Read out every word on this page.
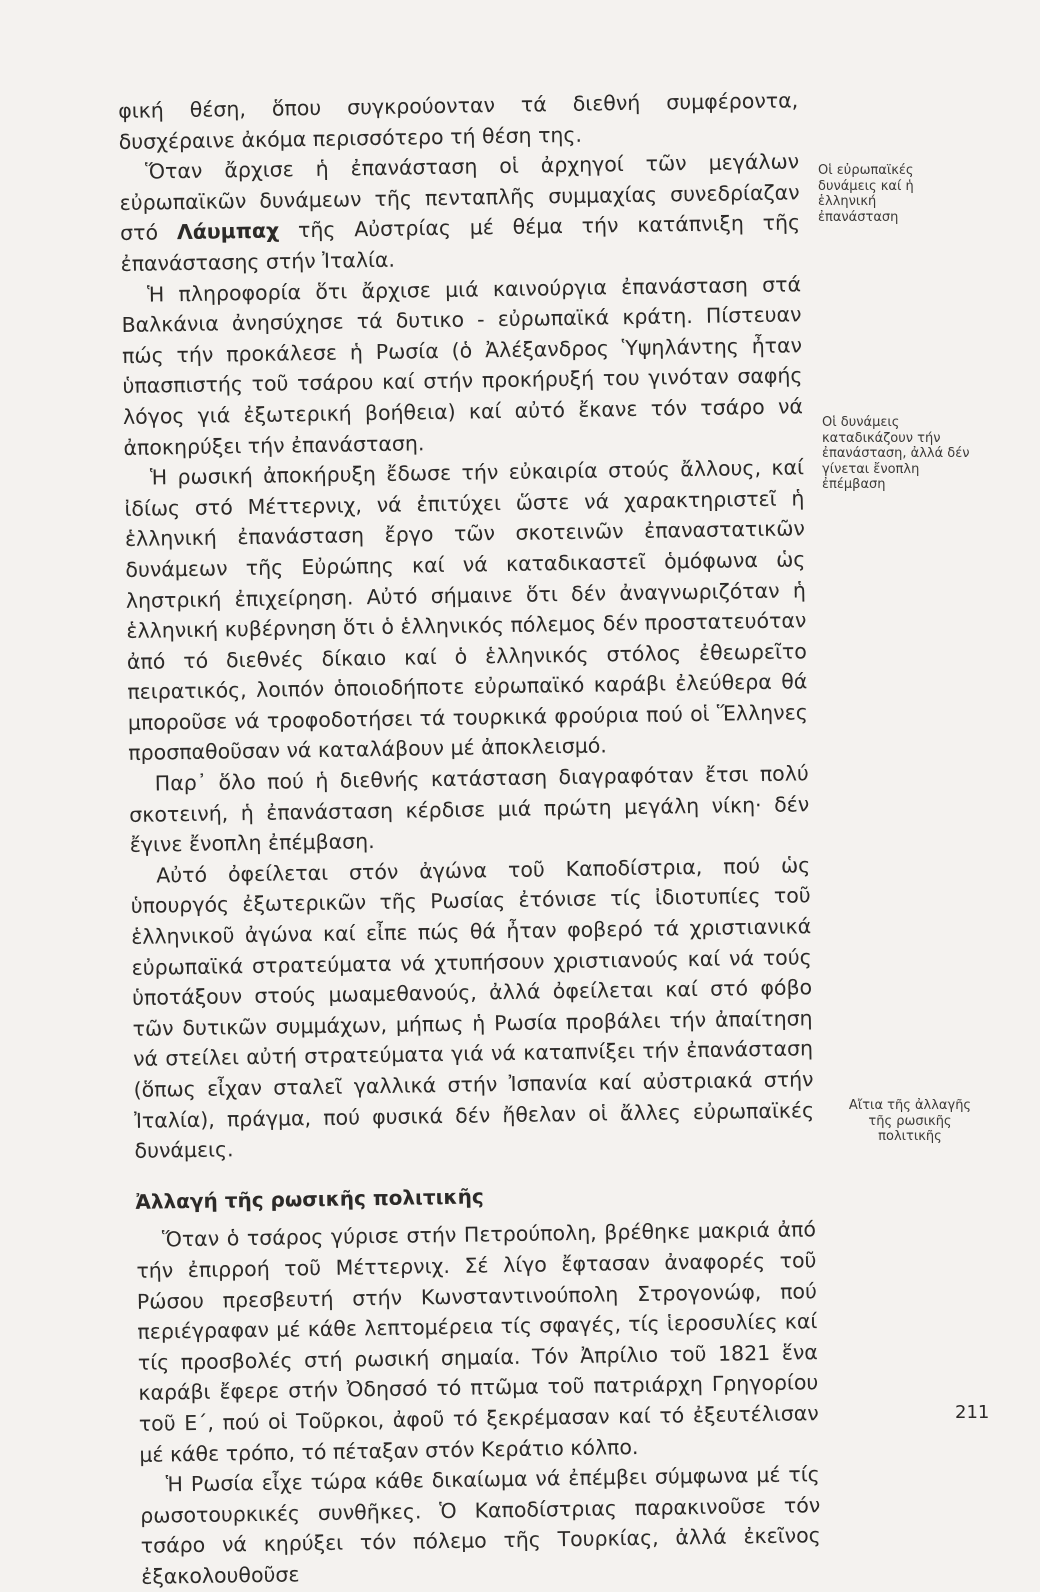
φική θέση, ὅπου συγκρούονταν τά διεθνή συμφέροντα, δυσχέραινε ἀκόμα περισσότερο τή θέση της.

Ὅταν ἄρχισε ἡ ἐπανάσταση οἱ ἀρχηγοί τῶν μεγάλων εὐρωπαϊκῶν δυνάμεων τῆς πενταπλῆς συμμαχίας συνεδρίαζαν στό Λάυμπαχ τῆς Αὐστρίας μέ θέμα τήν κατάπνιξη τῆς ἐπανάστασης στήν Ἰταλία.

Ἡ πληροφορία ὅτι ἄρχισε μιά καινούργια ἐπανάσταση στά Βαλκάνια ἀνησύχησε τά δυτικο - εὐρωπαϊκά κράτη. Πίστευαν πώς τήν προκάλεσε ἡ Ρωσία (ὁ Ἀλέξανδρος Ὑψηλάντης ἦταν ὑπασπιστής τοῦ τσάρου καί στήν προκήρυξή του γινόταν σαφής λόγος γιά ἐξωτερική βοήθεια) καί αὐτό ἔκανε τόν τσάρο νά ἀποκηρύξει τήν ἐπανάσταση.

Ἡ ρωσική ἀποκήρυξη ἔδωσε τήν εὐκαιρία στούς ἄλλους, καί ἰδίως στό Μέττερνιχ, νά ἐπιτύχει ὥστε νά χαρακτηριστεῖ ἡ ἑλληνική ἐπανάσταση ἔργο τῶν σκοτεινῶν ἐπαναστατικῶν δυνάμεων τῆς Εὐρώπης καί νά καταδικαστεῖ ὁμόφωνα ὡς ληστρική ἐπιχείρηση. Αὐτό σήμαινε ὅτι δέν ἀναγνωριζόταν ἡ ἑλληνική κυβέρνηση ὅτι ὁ ἑλληνικός πόλεμος δέν προστατευόταν ἀπό τό διεθνές δίκαιο καί ὁ ἑλληνικός στόλος ἐθεωρεῖτο πειρατικός, λοιπόν ὁποιοδήποτε εὐρωπαϊκό καράβι ἐλεύθερα θά μποροῦσε νά τροφοδοτήσει τά τουρκικά φρούρια πού οἱ Ἕλληνες προσπαθοῦσαν νά καταλάβουν μέ ἀποκλεισμό.

Παρ᾽ ὅλο πού ἡ διεθνής κατάσταση διαγραφόταν ἔτσι πολύ σκοτεινή, ἡ ἐπανάσταση κέρδισε μιά πρώτη μεγάλη νίκη· δέν ἔγινε ἔνοπλη ἐπέμβαση.

Αὐτό ὀφείλεται στόν ἀγώνα τοῦ Καποδίστρια, πού ὡς ὑπουργός ἐξωτερικῶν τῆς Ρωσίας ἐτόνισε τίς ἰδιοτυπίες τοῦ ἑλληνικοῦ ἀγώνα καί εἶπε πώς θά ἦταν φοβερό τά χριστιανικά εὐρωπαϊκά στρατεύματα νά χτυπήσουν χριστιανούς καί νά τούς ὑποτάξουν στούς μωαμεθανούς, ἀλλά ὀφείλεται καί στό φόβο τῶν δυτικῶν συμμάχων, μήπως ἡ Ρωσία προβάλει τήν ἀπαίτηση νά στείλει αὐτή στρατεύματα γιά νά καταπνίξει τήν ἐπανάσταση (ὅπως εἶχαν σταλεῖ γαλλικά στήν Ἰσπανία καί αὐστριακά στήν Ἰταλία), πράγμα, πού φυσικά δέν ἤθελαν οἱ ἄλλες εὐρωπαϊκές δυνάμεις.

Ἀλλαγή τῆς ρωσικῆς πολιτικῆς

Ὅταν ὁ τσάρος γύρισε στήν Πετρούπολη, βρέθηκε μακριά ἀπό τήν ἐπιρροή τοῦ Μέττερνιχ. Σέ λίγο ἔφτασαν ἀναφορές τοῦ Ρώσου πρεσβευτή στήν Κωνσταντινούπολη Στρογονώφ, πού περιέγραφαν μέ κάθε λεπτομέρεια τίς σφαγές, τίς ἱεροσυλίες καί τίς προσβολές στή ρωσική σημαία. Τόν Ἀπρίλιο τοῦ 1821 ἕνα καράβι ἔφερε στήν Ὀδησσό τό πτῶμα τοῦ πατριάρχη Γρηγορίου τοῦ Ε΄, πού οἱ Τοῦρκοι, ἀφοῦ τό ξεκρέμασαν καί τό ἐξευτέλισαν μέ κάθε τρόπο, τό πέταξαν στόν Κεράτιο κόλπο.

Ἡ Ρωσία εἶχε τώρα κάθε δικαίωμα νά ἐπέμβει σύμφωνα μέ τίς ρωσοτουρκικές συνθῆκες. Ὁ Καποδίστριας παρακινοῦσε τόν τσάρο νά κηρύξει τόν πόλεμο τῆς Τουρκίας, ἀλλά ἐκεῖνος ἐξακολουθοῦσε

Οἱ εὐρωπαϊκές δυνάμεις καί ἡ ἑλληνική ἐπανάσταση
Οἱ δυνάμεις καταδικάζουν τήν ἐπανάσταση, ἀλλά δέν γίνεται ἔνοπλη ἐπέμβαση
Αἴτια τῆς ἀλλαγῆς τῆς ρωσικῆς πολιτικῆς
211
